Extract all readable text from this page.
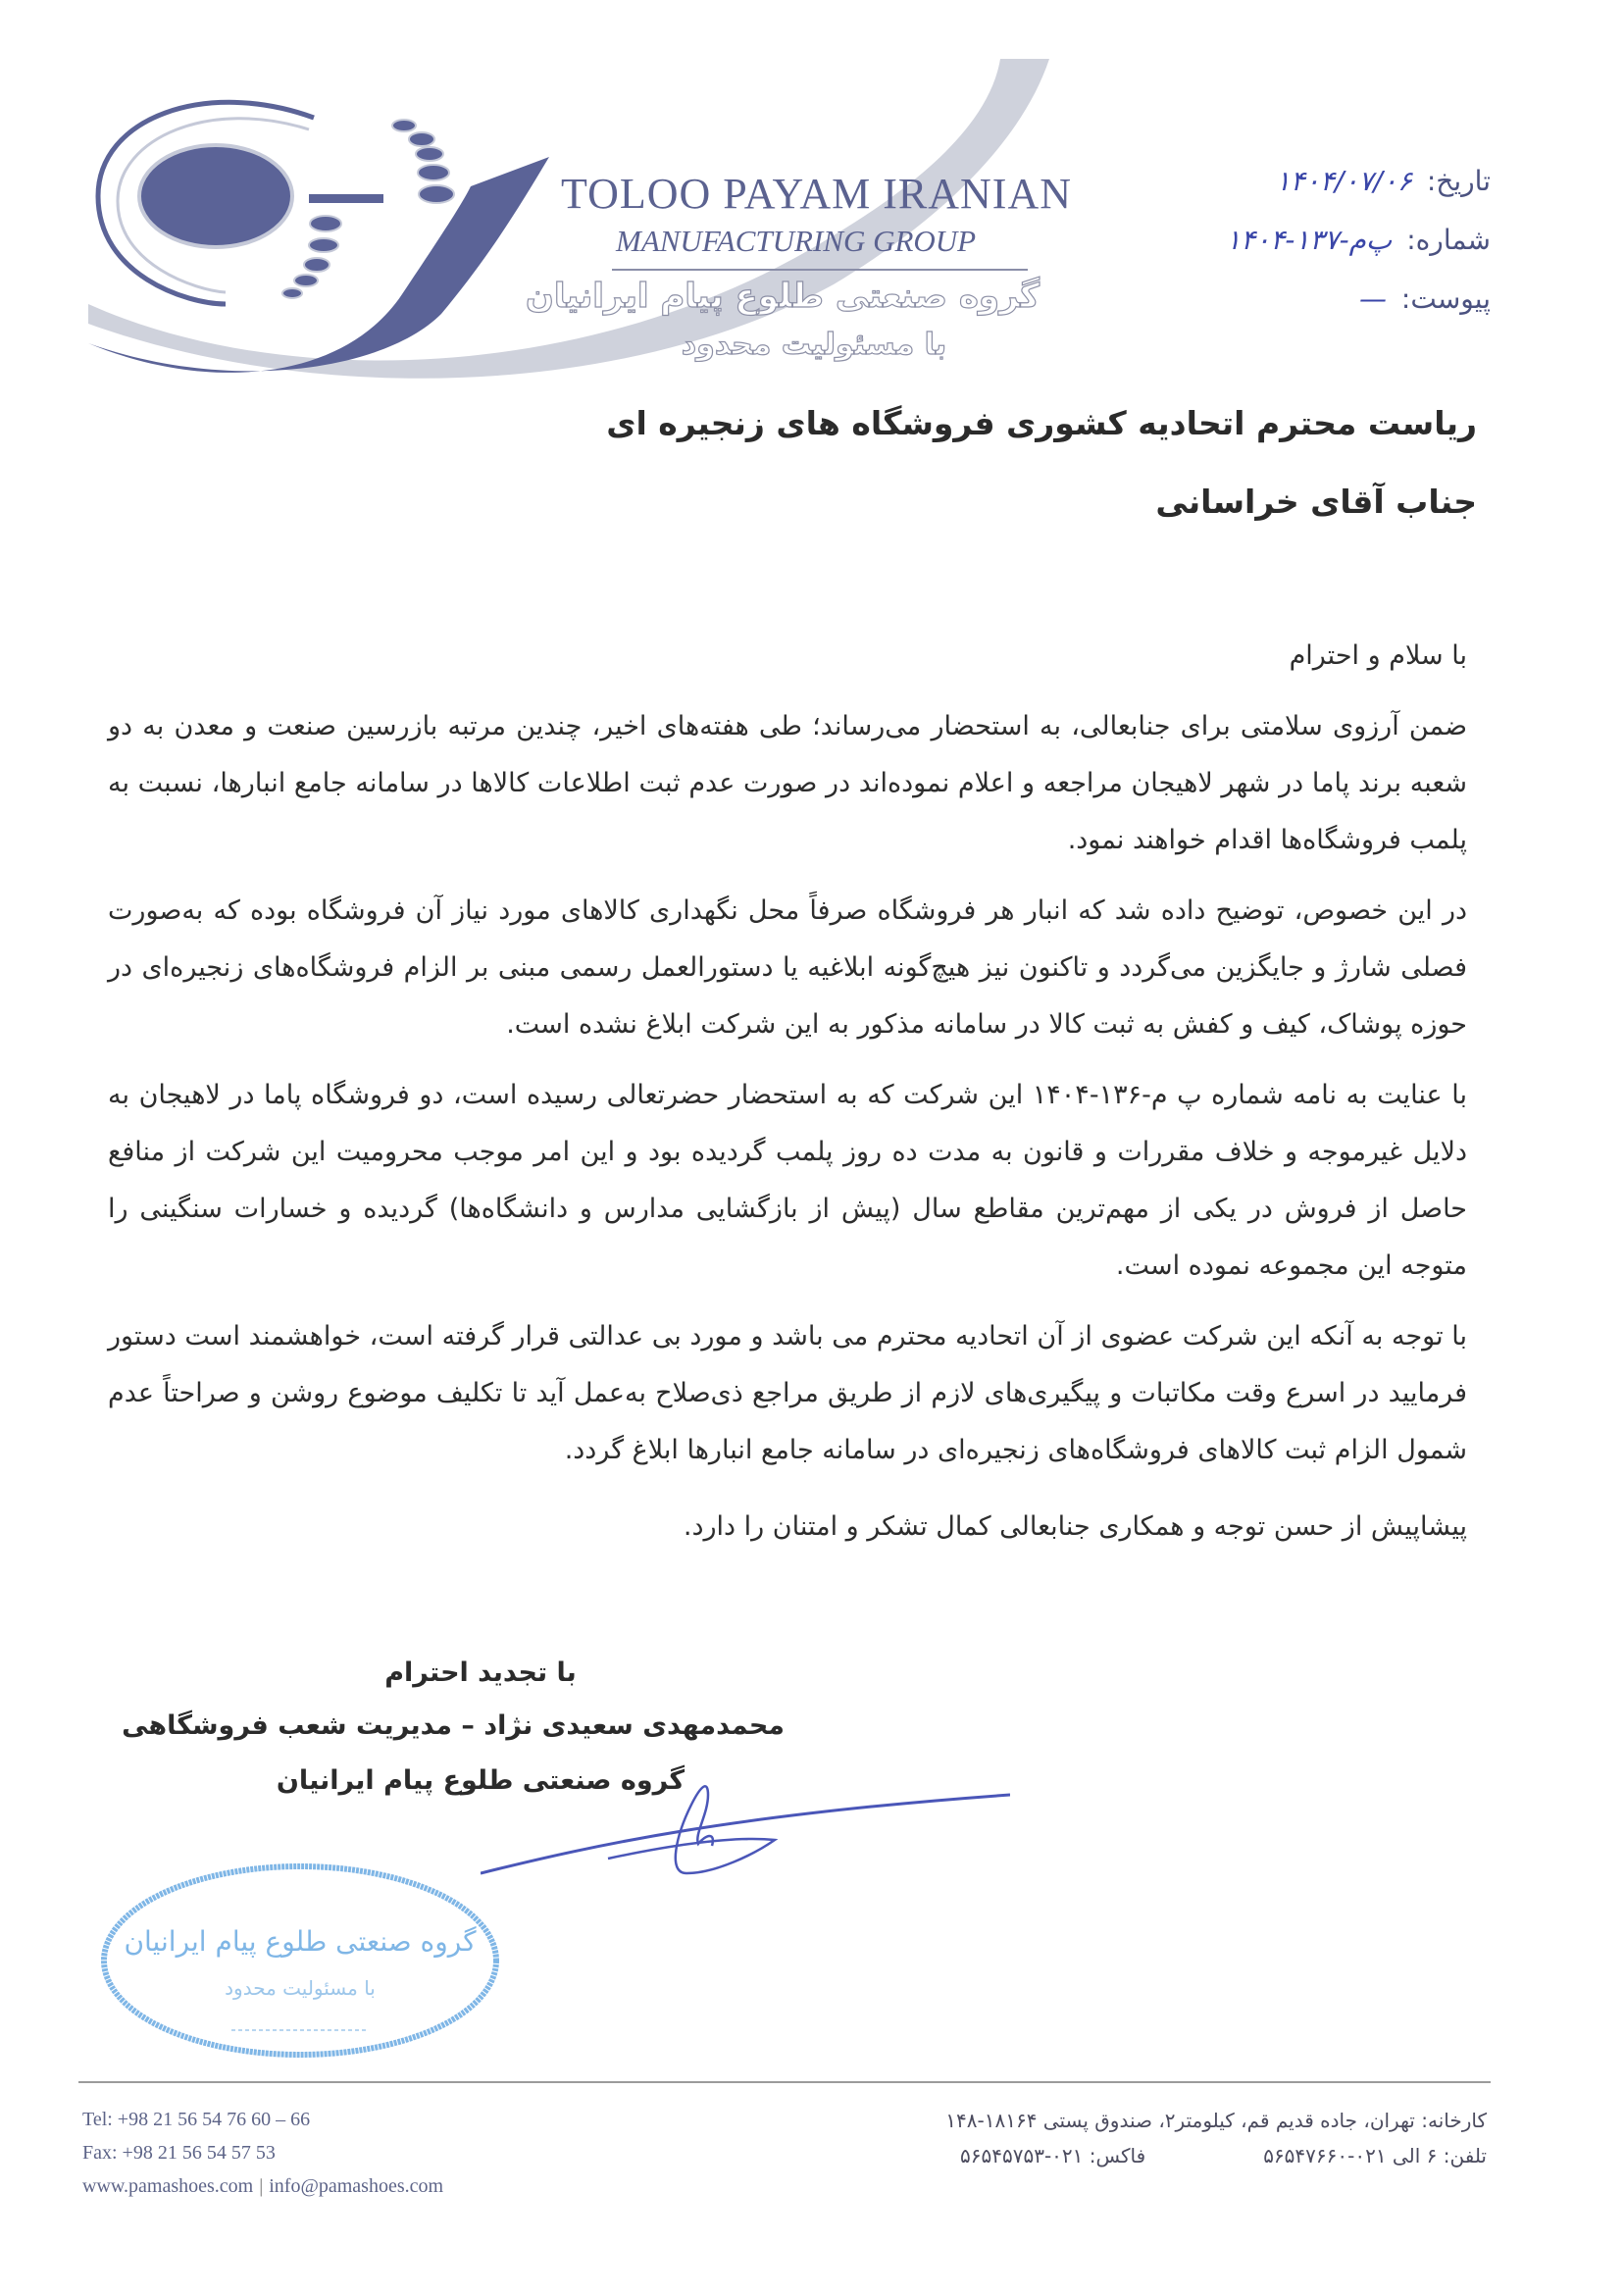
TOLOO PAYAM IRANIAN
MANUFACTURING GROUP
گروه صنعتی طلوع پیام ایرانیان
با مسئولیت محدود
تاریخ: ۱۴۰۴/۰۷/۰۶
شماره: پ‌م-۱۳۷-۱۴۰۴
پیوست: —
ریاست محترم اتحادیه کشوری فروشگاه های زنجیره ای
جناب آقای خراسانی
با سلام و احترام

ضمن آرزوی سلامتی برای جنابعالی، به استحضار می‌رساند؛ طی هفته‌های اخیر، چندین مرتبه بازرسین صنعت و معدن به دو شعبه برند پاما در شهر لاهیجان مراجعه و اعلام نموده‌اند در صورت عدم ثبت اطلاعات کالاها در سامانه جامع انبارها، نسبت به پلمب فروشگاه‌ها اقدام خواهند نمود.

در این خصوص، توضیح داده شد که انبار هر فروشگاه صرفاً محل نگهداری کالاهای مورد نیاز آن فروشگاه بوده که به‌صورت فصلی شارژ و جایگزین می‌گردد و تاکنون نیز هیچ‌گونه ابلاغیه یا دستورالعمل رسمی مبنی بر الزام فروشگاه‌های زنجیره‌ای در حوزه پوشاک، کیف و کفش به ثبت کالا در سامانه مذکور به این شرکت ابلاغ نشده است.

با عنایت به نامه شماره پ م-۱۳۶-۱۴۰۴ این شرکت که به استحضار حضرتعالی رسیده است، دو فروشگاه پاما در لاهیجان به دلایل غیرموجه و خلاف مقررات و قانون به مدت ده روز پلمب گردیده بود و این امر موجب محرومیت این شرکت از منافع حاصل از فروش در یکی از مهم‌ترین مقاطع سال (پیش از بازگشایی مدارس و دانشگاه‌ها) گردیده و خسارات سنگینی را متوجه این مجموعه نموده است.

با توجه به آنکه این شرکت عضوی از آن اتحادیه محترم می باشد و مورد بی عدالتی قرار گرفته است، خواهشمند است دستور فرمایید در اسرع وقت مکاتبات و پیگیری‌های لازم از طریق مراجع ذی‌صلاح به‌عمل آید تا تکلیف موضوع روشن و صراحتاً عدم شمول الزام ثبت کالاهای فروشگاه‌های زنجیره‌ای در سامانه جامع انبارها ابلاغ گردد.

پیشاپیش از حسن توجه و همکاری جنابعالی کمال تشکر و امتنان را دارد.

با تجدید احترام
محمدمهدی سعیدی نژاد – مدیریت شعب فروشگاهی
گروه صنعتی طلوع پیام ایرانیان
گروه صنعتی طلوع پیام ایرانیان
با مسئولیت محدود
Tel: +98 21 56 54 76 60 – 66
Fax: +98 21 56 54 57 53
www.pamashoes.com | info@pamashoes.com
کارخانه: تهران، جاده قدیم قم، کیلومتر۲، صندوق پستی ۱۸۱۶۴-۱۴۸
تلفن: ۶ الی ۰۲۱-۵۶۵۴۷۶۶۰فاکس: ۰۲۱-۵۶۵۴۵۷۵۳
